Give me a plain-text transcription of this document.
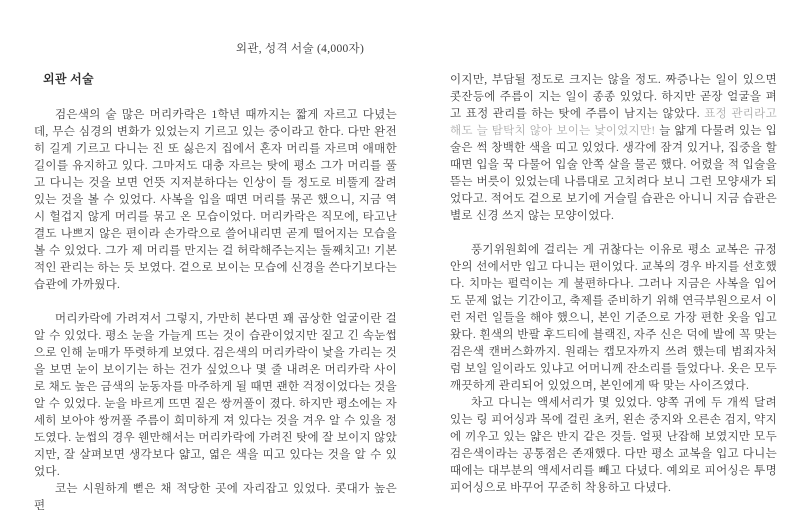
외관, 성격 서술 (4,000자)
외관 서술

검은색의 숱 많은 머리카락은 1학년 때까지는 짧게 자르고 다녔는데, 무슨 심경의 변화가 있었는지 기르고 있는 중이라고 한다. 다만 완전히 길게 기르고 다니는 진 또 싫은지 집에서 혼자 머리를 자르며 애매한 길이를 유지하고 있다. 그마저도 대충 자르는 탓에 평소 그가 머리를 풀고 다니는 것을 보면 언뜻 지저분하다는 인상이 들 정도로 비뚤게 잘려 있는 것을 볼 수 있었다. 사복을 입을 때면 머리를 묶곤 했으니, 지금 역시 헐겁지 않게 머리를 묶고 온 모습이었다. 머리카락은 직모에, 타고난 결도 나쁘지 않은 편이라 손가락으로 쓸어내리면 곧게 떨어지는 모습을 볼 수 있었다. 그가 제 머리를 만지는 걸 허락해주는지는 둘째치고! 기본적인 관리는 하는 듯 보였다. 겉으로 보이는 모습에 신경을 쓴다기보다는 습관에 가까웠다.

머리카락에 가려져서 그렇지, 가만히 본다면 꽤 곱상한 얼굴이란 걸 알 수 있었다. 평소 눈을 가늘게 뜨는 것이 습관이었지만 짙고 긴 속눈썹으로 인해 눈매가 뚜렷하게 보였다. 검은색의 머리카락이 낯을 가리는 것을 보면 눈이 보이기는 하는 건가 싶었으나 몇 줄 내려온 머리카락 사이로 채도 높은 금색의 눈동자를 마주하게 될 때면 괜한 걱정이었다는 것을 알 수 있었다. 눈을 바르게 뜨면 짙은 쌍꺼풀이 졌다. 하지만 평소에는 자세히 보아야 쌍꺼풀 주름이 희미하게 져 있다는 것을 겨우 알 수 있을 정도였다. 눈썹의 경우 웬만해서는 머리카락에 가려진 탓에 잘 보이지 않았지만, 잘 살펴보면 생각보다 얇고, 엷은 색을 띠고 있다는 것을 알 수 있었다.

코는 시원하게 뻗은 채 적당한 곳에 자리잡고 있었다. 콧대가 높은 편

이지만, 부담될 정도로 크지는 않을 정도. 짜증나는 일이 있으면 콧잔등에 주름이 지는 일이 종종 있었다. 하지만 곧장 얼굴을 펴고 표정 관리를 하는 탓에 주름이 남지는 않았다. 표정 관리라고 해도 늘 탐탁치 않아 보이는 낯이었지만! 늘 얇게 다물려 있는 입술은 썩 창백한 색을 띠고 있었다. 생각에 잠겨 있거나, 집중을 할 때면 입을 꾹 다물어 입술 안쪽 살을 물곤 했다. 어렸을 적 입술을 뜯는 버릇이 있었는데 나름대로 고치려다 보니 그런 모양새가 되었다고. 적어도 겉으로 보기에 거슬릴 습관은 아니니 지금 습관은 별로 신경 쓰지 않는 모양이었다.

풍기위원회에 걸리는 게 귀찮다는 이유로 평소 교복은 규정 안의 선에서만 입고 다니는 편이었다. 교복의 경우 바지를 선호했다. 치마는 펄럭이는 게 불편하다나. 그러나 지금은 사복을 입어도 문제 없는 기간이고, 축제를 준비하기 위해 연극부원으로서 이런 저런 일들을 해야 했으니, 본인 기준으로 가장 편한 옷을 입고 왔다. 흰색의 반팔 후드티에 블랙진, 자주 신은 덕에 발에 꼭 맞는 검은색 캔버스화까지. 원래는 캡모자까지 쓰려 했는데 범죄자처럼 보일 일이라도 있냐고 어머니께 잔소리를 들었다나. 옷은 모두 깨끗하게 관리되어 있었으며, 본인에게 딱 맞는 사이즈였다.

차고 다니는 액세서리가 몇 있었다. 양쪽 귀에 두 개씩 달려 있는 링 피어싱과 목에 걸린 초커, 왼손 중지와 오른손 검지, 약지에 끼우고 있는 얇은 반지 같은 것들. 얼핏 난잡해 보였지만 모두 검은색이라는 공통점은 존재했다. 다만 평소 교복을 입고 다니는 때에는 대부분의 액세서리를 빼고 다녔다. 예외로 피어싱은 투명 피어싱으로 바꾸어 꾸준히 착용하고 다녔다.
